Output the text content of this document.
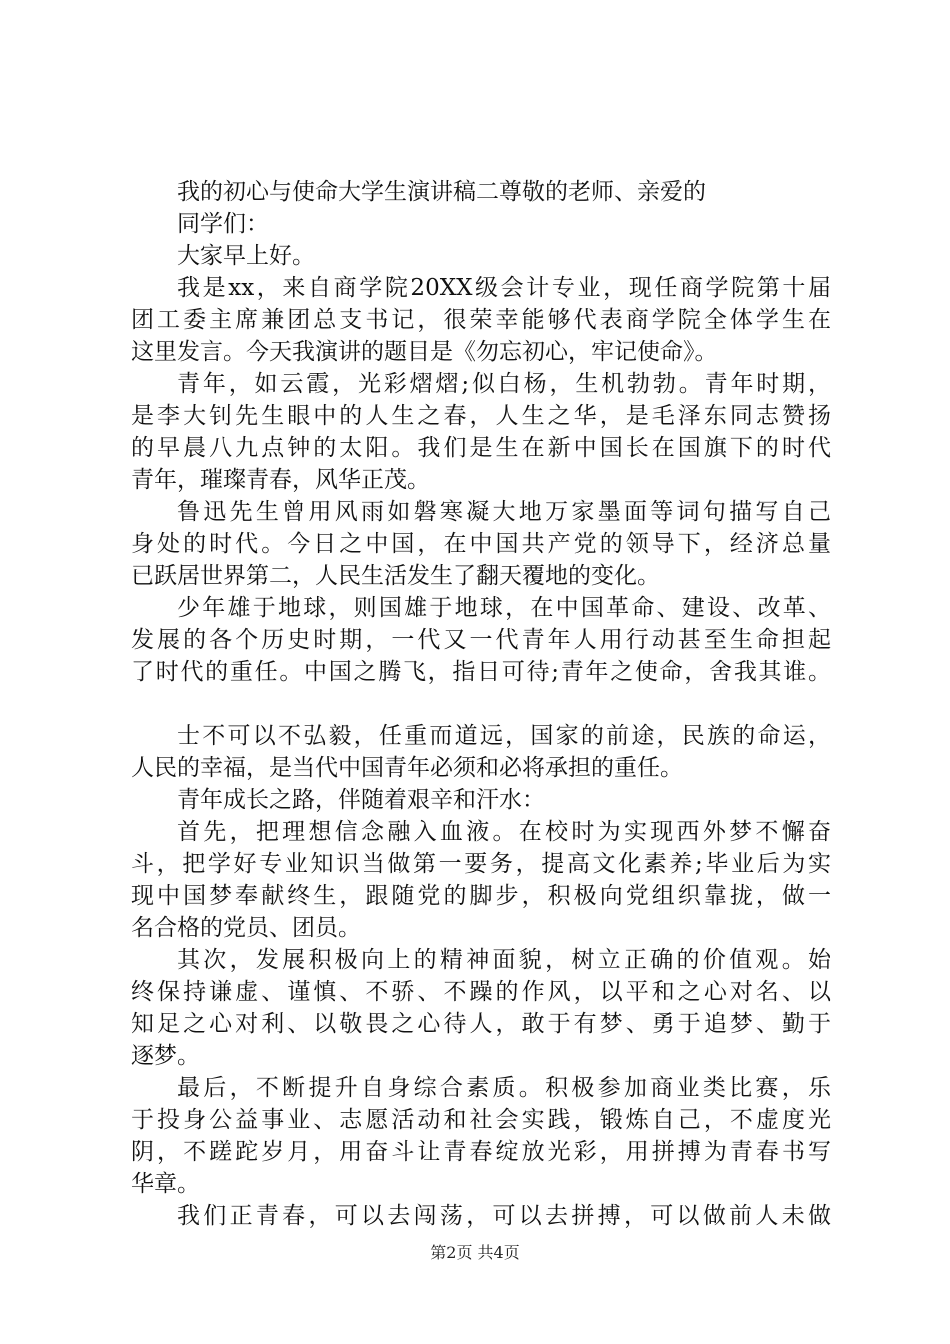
我的初心与使命大学生演讲稿二尊敬的老师、亲爱的
同学们：
大家早上好。
我是xx，来自商学院20XX级会计专业，现任商学院第十届
团工委主席兼团总支书记，很荣幸能够代表商学院全体学生在
这里发言。今天我演讲的题目是《勿忘初心，牢记使命》。
青年，如云霞，光彩熠熠;似白杨，生机勃勃。青年时期，
是李大钊先生眼中的人生之春，人生之华，是毛泽东同志赞扬
的早晨八九点钟的太阳。我们是生在新中国长在国旗下的时代
青年，璀璨青春，风华正茂。
鲁迅先生曾用风雨如磐寒凝大地万家墨面等词句描写自己
身处的时代。今日之中国，在中国共产党的领导下，经济总量
已跃居世界第二，人民生活发生了翻天覆地的变化。
少年雄于地球，则国雄于地球，在中国革命、建设、改革、
发展的各个历史时期，一代又一代青年人用行动甚至生命担起
了时代的重任。中国之腾飞，指日可待;青年之使命，舍我其谁。
士不可以不弘毅，任重而道远，国家的前途，民族的命运，
人民的幸福，是当代中国青年必须和必将承担的重任。
青年成长之路，伴随着艰辛和汗水：
首先，把理想信念融入血液。在校时为实现西外梦不懈奋
斗，把学好专业知识当做第一要务，提高文化素养;毕业后为实
现中国梦奉献终生，跟随党的脚步，积极向党组织靠拢，做一
名合格的党员、团员。
其次，发展积极向上的精神面貌，树立正确的价值观。始
终保持谦虚、谨慎、不骄、不躁的作风，以平和之心对名、以
知足之心对利、以敬畏之心待人，敢于有梦、勇于追梦、勤于
逐梦。
最后，不断提升自身综合素质。积极参加商业类比赛，乐
于投身公益事业、志愿活动和社会实践，锻炼自己，不虚度光
阴，不蹉跎岁月，用奋斗让青春绽放光彩，用拼搏为青春书写
华章。
我们正青春，可以去闯荡，可以去拼搏，可以做前人未做
第2页 共4页
